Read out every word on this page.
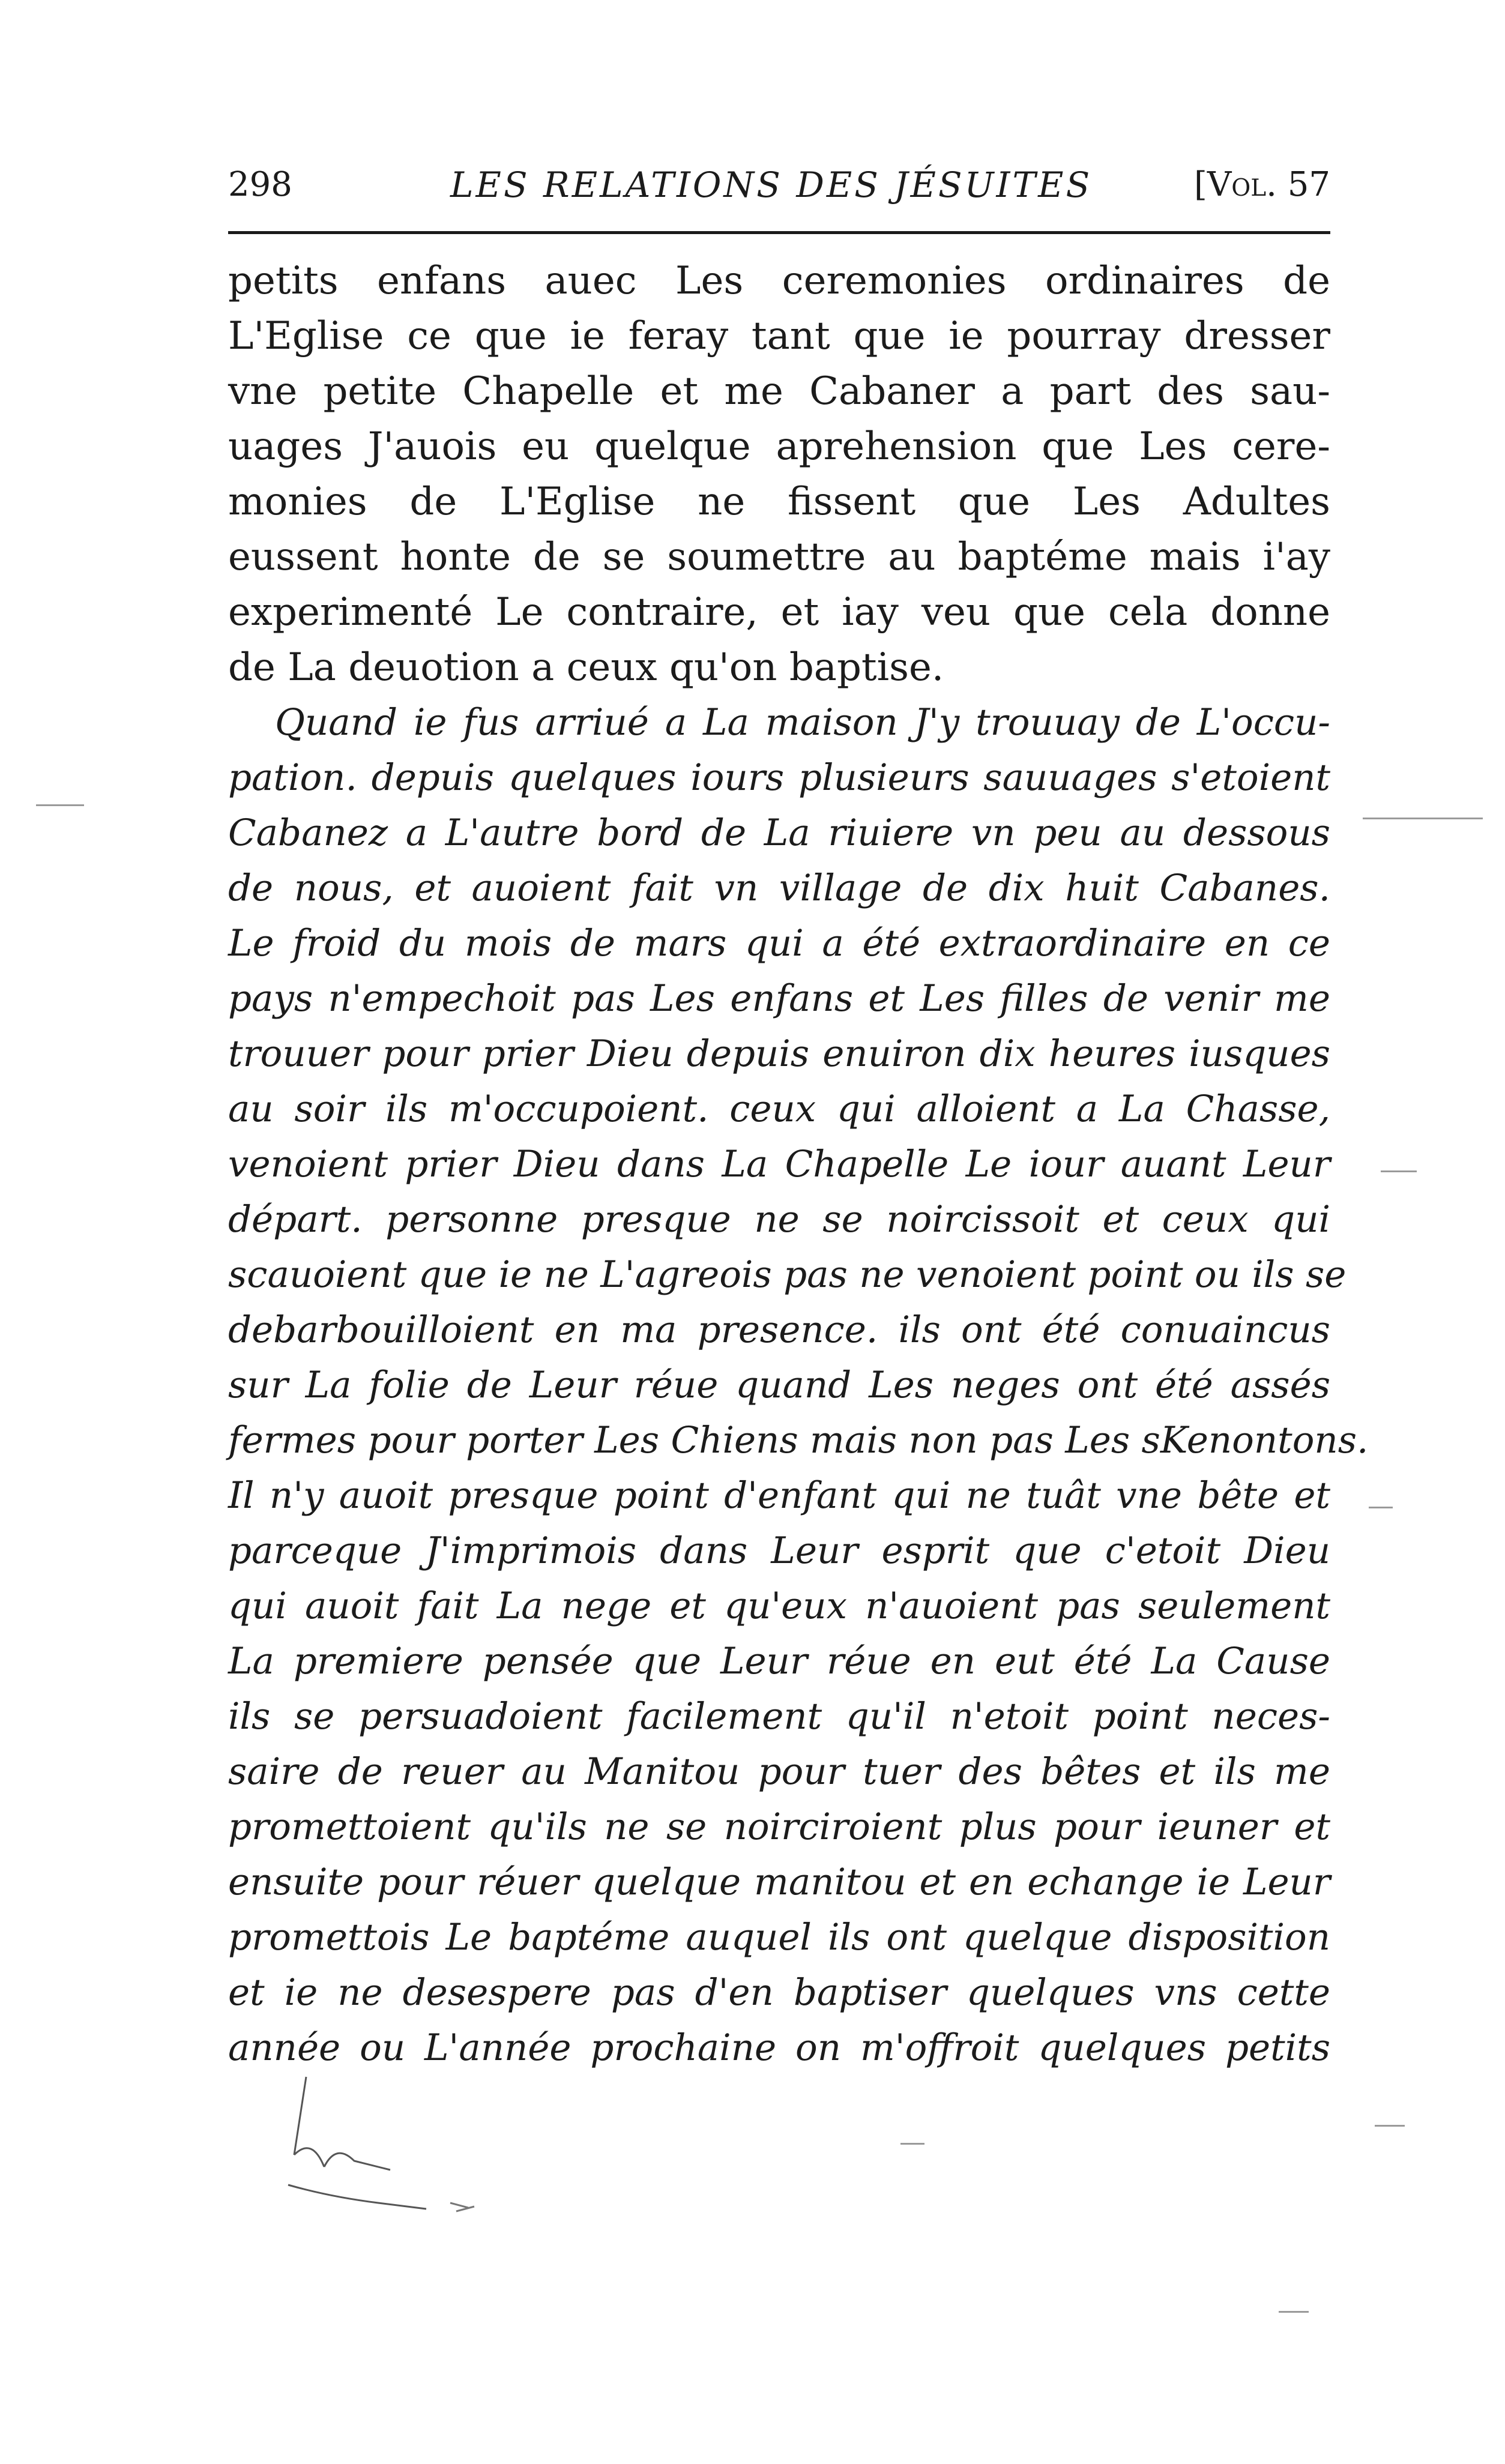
298	LES RELATIONS DES JÉSUITES	[Vol. 57
petits enfans auec Les ceremonies ordinaires de
L'Eglise ce que ie feray tant que ie pourray dresser
vne petite Chapelle et me Cabaner a part des sau-
uages J'auois eu quelque aprehension que Les cere-
monies de L'Eglise ne fissent que Les Adultes
eussent honte de se soumettre au baptéme mais i'ay
experimenté Le contraire, et iay veu que cela donne
de La deuotion a ceux qu'on baptise.
Quand ie fus arriué a La maison J'y trouuay de L'occu-
pation. depuis quelques iours plusieurs sauuages s'etoient
Cabanez a L'autre bord de La riuiere vn peu au dessous
de nous, et auoient fait vn village de dix huit Cabanes.
Le froid du mois de mars qui a été extraordinaire en ce
pays n'empechoit pas Les enfans et Les filles de venir me
trouuer pour prier Dieu depuis enuiron dix heures iusques
au soir ils m'occupoient. ceux qui alloient a La Chasse,
venoient prier Dieu dans La Chapelle Le iour auant Leur
départ. personne presque ne se noircissoit et ceux qui
scauoient que ie ne L'agreois pas ne venoient point ou ils se
debarbouilloient en ma presence. ils ont été conuaincus
sur La folie de Leur réue quand Les neges ont été assés
fermes pour porter Les Chiens mais non pas Les sKenontons.
Il n'y auoit presque point d'enfant qui ne tuât vne bête et
parceque J'imprimois dans Leur esprit que c'etoit Dieu
qui auoit fait La nege et qu'eux n'auoient pas seulement
La premiere pensée que Leur réue en eut été La Cause
ils se persuadoient facilement qu'il n'etoit point neces-
saire de reuer au Manitou pour tuer des bêtes et ils me
promettoient qu'ils ne se noirciroient plus pour ieuner et
ensuite pour réuer quelque manitou et en echange ie Leur
promettois Le baptéme auquel ils ont quelque disposition
et ie ne desespere pas d'en baptiser quelques vns cette
année ou L'année prochaine on m'offroit quelques petits
